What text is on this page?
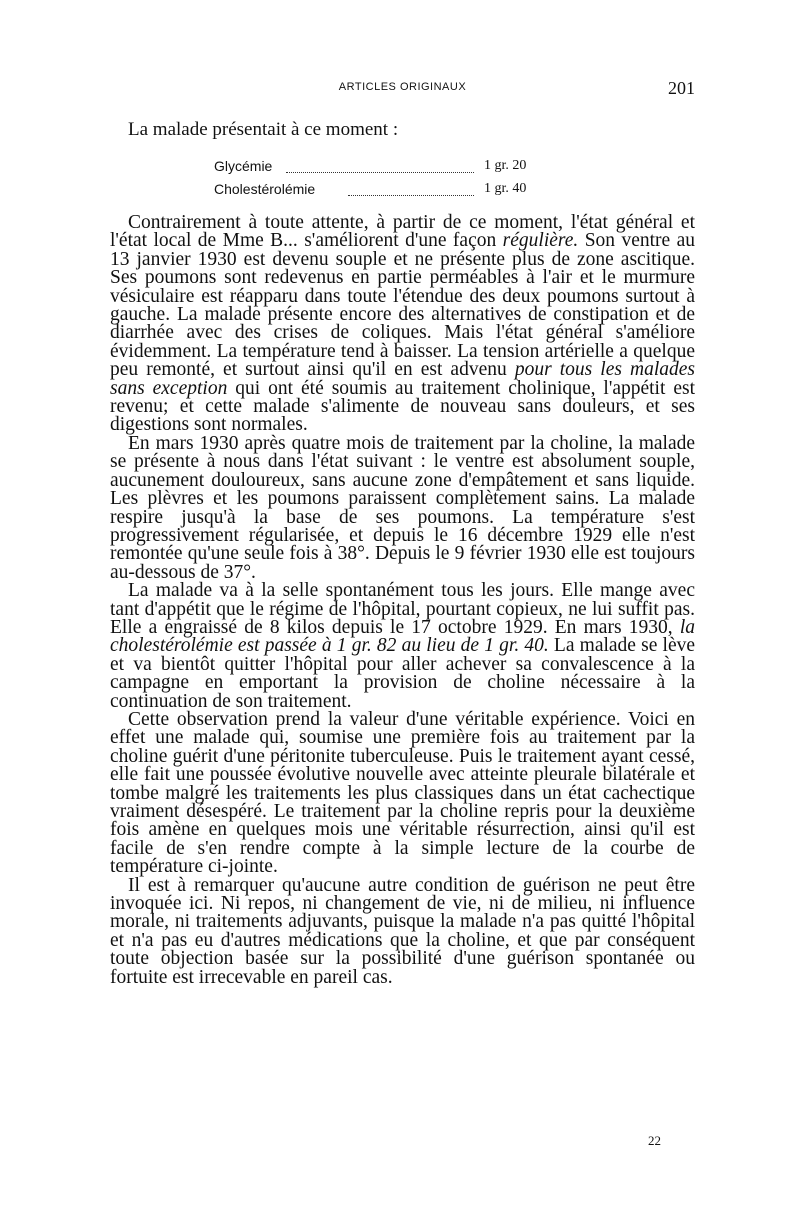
ARTICLES ORIGINAUX	201
La malade présentait à ce moment :
Glycémie	1 gr. 20
Cholestérolémie	1 gr. 40

Contrairement à toute attente, à partir de ce moment, l'état général et l'état local de Mme B... s'améliorent d'une façon régulière. Son ventre au 13 janvier 1930 est devenu souple et ne présente plus de zone ascitique. Ses poumons sont redevenus en partie perméables à l'air et le murmure vésiculaire est réapparu dans toute l'étendue des deux poumons surtout à gauche. La malade présente encore des alternatives de constipation et de diarrhée avec des crises de coliques. Mais l'état général s'améliore évidemment. La température tend à baisser. La tension artérielle a quelque peu remonté, et surtout ainsi qu'il en est advenu pour tous les malades sans exception qui ont été soumis au traitement cholinique, l'appétit est revenu; et cette malade s'alimente de nouveau sans douleurs, et ses digestions sont normales.

En mars 1930 après quatre mois de traitement par la choline, la malade se présente à nous dans l'état suivant : le ventre est absolument souple, aucunement douloureux, sans aucune zone d'empâtement et sans liquide. Les plèvres et les poumons paraissent complètement sains. La malade respire jusqu'à la base de ses poumons. La température s'est progressivement régularisée, et depuis le 16 décembre 1929 elle n'est remontée qu'une seule fois à 38°. Depuis le 9 février 1930 elle est toujours au-dessous de 37°.

La malade va à la selle spontanément tous les jours. Elle mange avec tant d'appétit que le régime de l'hôpital, pourtant copieux, ne lui suffit pas. Elle a engraissé de 8 kilos depuis le 17 octobre 1929. En mars 1930, la cholestérolémie est passée à 1 gr. 82 au lieu de 1 gr. 40. La malade se lève et va bientôt quitter l'hôpital pour aller achever sa convalescence à la campagne en emportant la provision de choline nécessaire à la continuation de son traitement.

Cette observation prend la valeur d'une véritable expérience. Voici en effet une malade qui, soumise une première fois au traitement par la choline guérit d'une péritonite tuberculeuse. Puis le traitement ayant cessé, elle fait une poussée évolutive nouvelle avec atteinte pleurale bilatérale et tombe malgré les traitements les plus classiques dans un état cachectique vraiment désespéré. Le traitement par la choline repris pour la deuxième fois amène en quelques mois une véritable résurrection, ainsi qu'il est facile de s'en rendre compte à la simple lecture de la courbe de température ci-jointe.

Il est à remarquer qu'aucune autre condition de guérison ne peut être invoquée ici. Ni repos, ni changement de vie, ni de milieu, ni influence morale, ni traitements adjuvants, puisque la malade n'a pas quitté l'hôpital et n'a pas eu d'autres médications que la choline, et que par conséquent toute objection basée sur la possibilité d'une guérison spontanée ou fortuite est irrecevable en pareil cas.

22
